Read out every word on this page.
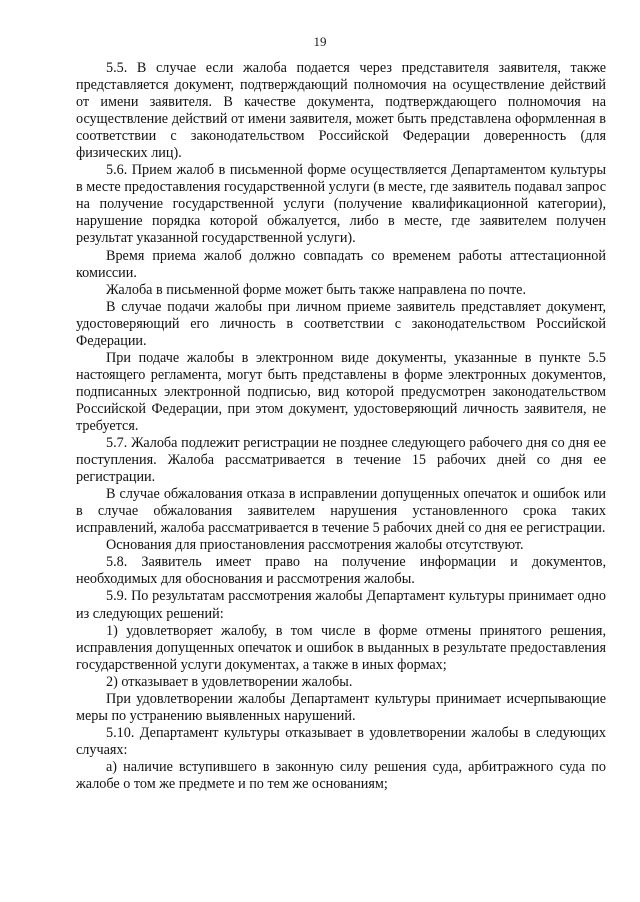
19

5.5. В случае если жалоба подается через представителя заявителя, также представляется документ, подтверждающий полномочия на осуществление действий от имени заявителя. В качестве документа, подтверждающего полномочия на осуществление действий от имени заявителя, может быть представлена оформленная в соответствии с законодательством Российской Федерации доверенность (для физических лиц).

5.6. Прием жалоб в письменной форме осуществляется Департаментом культуры в месте предоставления государственной услуги (в месте, где заявитель подавал запрос на получение государственной услуги (получение квалификационной категории), нарушение порядка которой обжалуется, либо в месте, где заявителем получен результат указанной государственной услуги).

Время приема жалоб должно совпадать со временем работы аттестационной комиссии.

Жалоба в письменной форме может быть также направлена по почте.

В случае подачи жалобы при личном приеме заявитель представляет документ, удостоверяющий его личность в соответствии с законодательством Российской Федерации.

При подаче жалобы в электронном виде документы, указанные в пункте 5.5 настоящего регламента, могут быть представлены в форме электронных документов, подписанных электронной подписью, вид которой предусмотрен законодательством Российской Федерации, при этом документ, удостоверяющий личность заявителя, не требуется.

5.7. Жалоба подлежит регистрации не позднее следующего рабочего дня со дня ее поступления. Жалоба рассматривается в течение 15 рабочих дней со дня ее регистрации.

В случае обжалования отказа в исправлении допущенных опечаток и ошибок или в случае обжалования заявителем нарушения установленного срока таких исправлений, жалоба рассматривается в течение 5 рабочих дней со дня ее регистрации.

Основания для приостановления рассмотрения жалобы отсутствуют.

5.8. Заявитель имеет право на получение информации и документов, необходимых для обоснования и рассмотрения жалобы.

5.9. По результатам рассмотрения жалобы Департамент культуры принимает одно из следующих решений:

1) удовлетворяет жалобу, в том числе в форме отмены принятого решения, исправления допущенных опечаток и ошибок в выданных в результате предоставления государственной услуги документах, а также в иных формах;

2) отказывает в удовлетворении жалобы.

При удовлетворении жалобы Департамент культуры принимает исчерпывающие меры по устранению выявленных нарушений.

5.10. Департамент культуры отказывает в удовлетворении жалобы в следующих случаях:

а) наличие вступившего в законную силу решения суда, арбитражного суда по жалобе о том же предмете и по тем же основаниям;
